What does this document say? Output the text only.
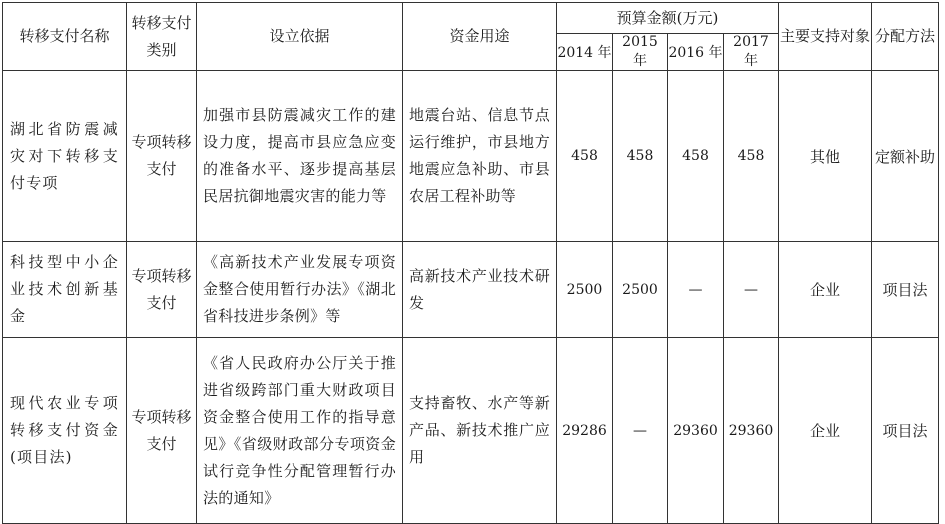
转移支付名称	转移支付类别	设立依据	资金用途	预算金额(万元)				主要支持对象	分配方法
				2014 年	2015 年	2016 年	2017 年		
湖北省防震减灾对下转移支付专项	专项转移支付	加强市县防震减灾工作的建设力度，提高市县应急应变的准备水平、逐步提高基层民居抗御地震灾害的能力等	地震台站、信息节点运行维护，市县地方地震应急补助、市县农居工程补助等	458	458	458	458	其他	定额补助
科技型中小企业技术创新基金	专项转移支付	《高新技术产业发展专项资金整合使用暂行办法》《湖北省科技进步条例》等	高新技术产业技术研发	2500	2500	—	—	企业	项目法
现代农业专项转移支付资金(项目法)	专项转移支付	《省人民政府办公厅关于推进省级跨部门重大财政项目资金整合使用工作的指导意见》《省级财政部分专项资金试行竞争性分配管理暂行办法的通知》	支持畜牧、水产等新产品、新技术推广应用	29286	—	29360	29360	企业	项目法
